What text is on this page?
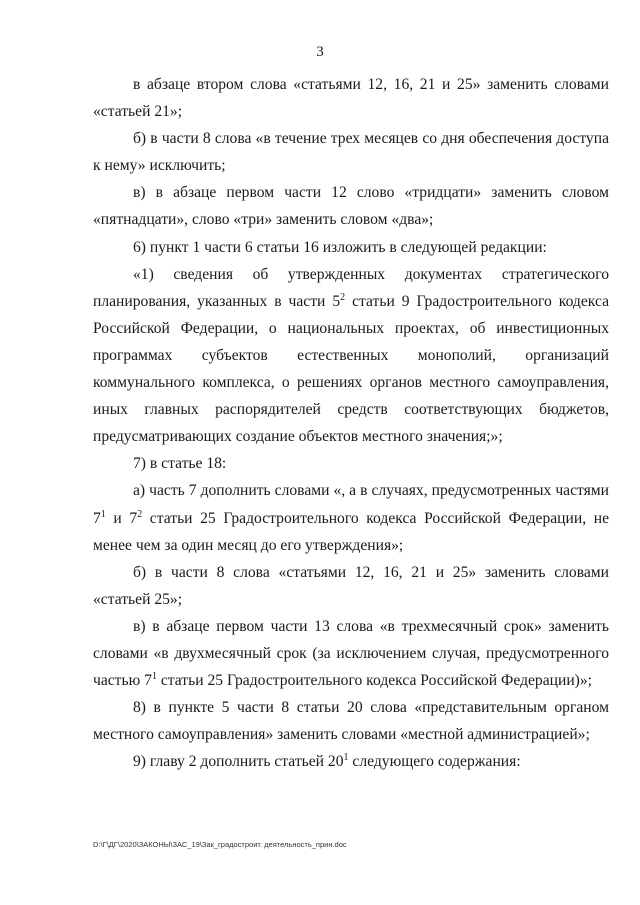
3

в абзаце втором слова «статьями 12, 16, 21 и 25» заменить словами «статьей 21»;

б) в части 8 слова «в течение трех месяцев со дня обеспечения доступа к нему» исключить;

в) в абзаце первом части 12 слово «тридцати» заменить словом «пятнадцати», слово «три» заменить словом «два»;

6) пункт 1 части 6 статьи 16 изложить в следующей редакции:

«1) сведения об утвержденных документах стратегического планирования, указанных в части $5^2$ статьи 9 Градостроительного кодекса Российской Федерации, о национальных проектах, об инвестиционных программах субъектов естественных монополий, организаций коммунального комплекса, о решениях органов местного самоуправления, иных главных распорядителей средств соответствующих бюджетов, предусматривающих создание объектов местного значения;»;

7) в статье 18:

а) часть 7 дополнить словами «, а в случаях, предусмотренных частями $7^1$ и $7^2$ статьи 25 Градостроительного кодекса Российской Федерации, не менее чем за один месяц до его утверждения»;

б) в части 8 слова «статьями 12, 16, 21 и 25» заменить словами «статьей 25»;

в) в абзаце первом части 13 слова «в трехмесячный срок» заменить словами «в двухмесячный срок (за исключением случая, предусмотренного частью $7^1$ статьи 25 Градостроительного кодекса Российской Федерации)»;

8) в пункте 5 части 8 статьи 20 слова «представительным органом местного самоуправления» заменить словами «местной администрацией»;

9) главу 2 дополнить статьей $20^1$ следующего содержания:

D:\Г\ДГ\2020\ЗАКОНЫ\ЗАС_19\Зак_градостроит. деятельность_прин.doc
